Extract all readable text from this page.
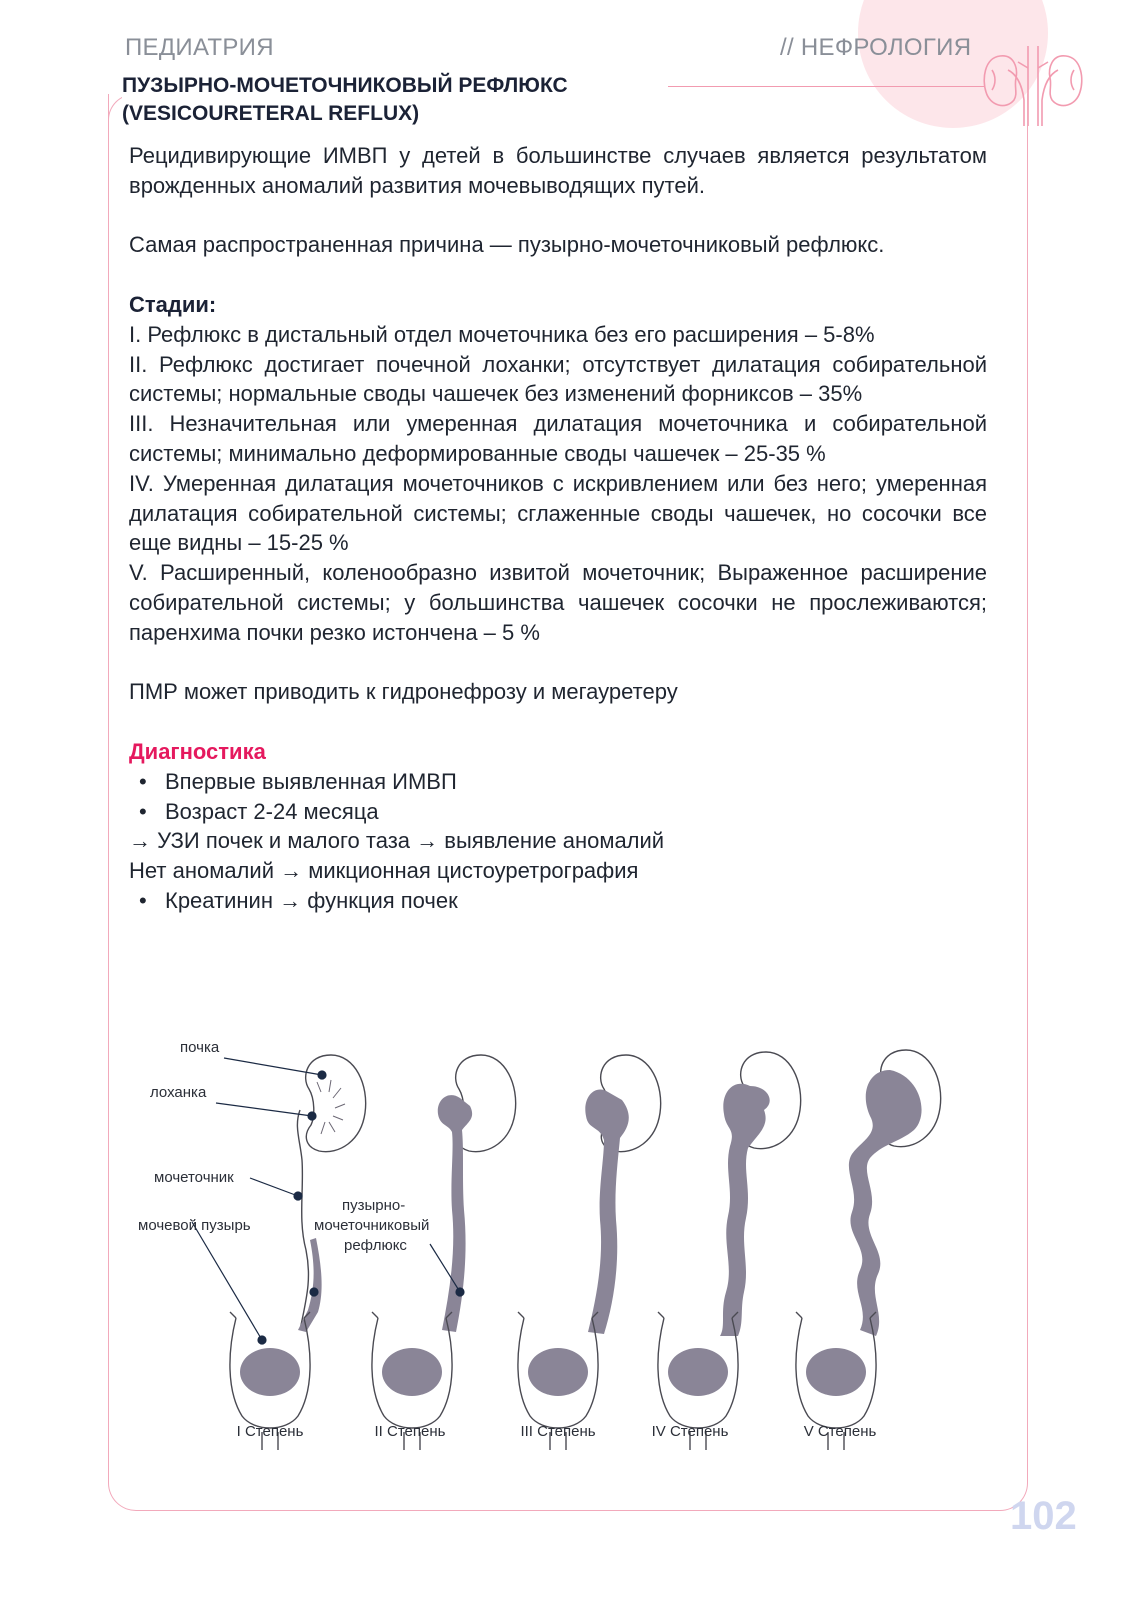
ПЕДИАТРИЯ	// НЕФРОЛОГИЯ
ПУЗЫРНО-МОЧЕТОЧНИКОВЫЙ РЕФЛЮКС
(VESICOURETERAL REFLUX)

Рецидивирующие ИМВП у детей в большинстве случаев является результатом врожденных аномалий развития мочевыводящих путей.

Самая распространенная причина — пузырно-мочеточниковый рефлюкс.

Стадии:

I. Рефлюкс в дистальный отдел мочеточника без его расширения – 5-8%

II. Рефлюкс достигает почечной лоханки; отсутствует дилатация собирательной системы; нормальные своды чашечек без изменений форниксов – 35%

III. Незначительная или умеренная дилатация мочеточника и собирательной системы; минимально деформированные своды чашечек – 25-35 %

IV. Умеренная дилатация мочеточников с искривлением или без него; умеренная дилатация собирательной системы; сглаженные своды чашечек, но сосочки все еще видны – 15-25 %

V. Расширенный, коленообразно извитой мочеточник; Выраженное расширение собирательной системы; у большинства чашечек сосочки не прослеживаются; паренхима почки резко истончена – 5 %

ПМР может приводить к гидронефрозу и мегауретеру

Диагностика

• Впервые выявленная ИМВП

• Возраст 2-24 месяца

→ УЗИ почек и малого таза → выявление аномалий

Нет аномалий → микционная цистоуретрография

• Креатинин → функция почек

почка
лоханка
мочеточник
мочевой пузырь
пузырно-
мочеточниковый
рефлюкс
I Степень	II Степень	III Степень	IV Степень	V Степень
102
